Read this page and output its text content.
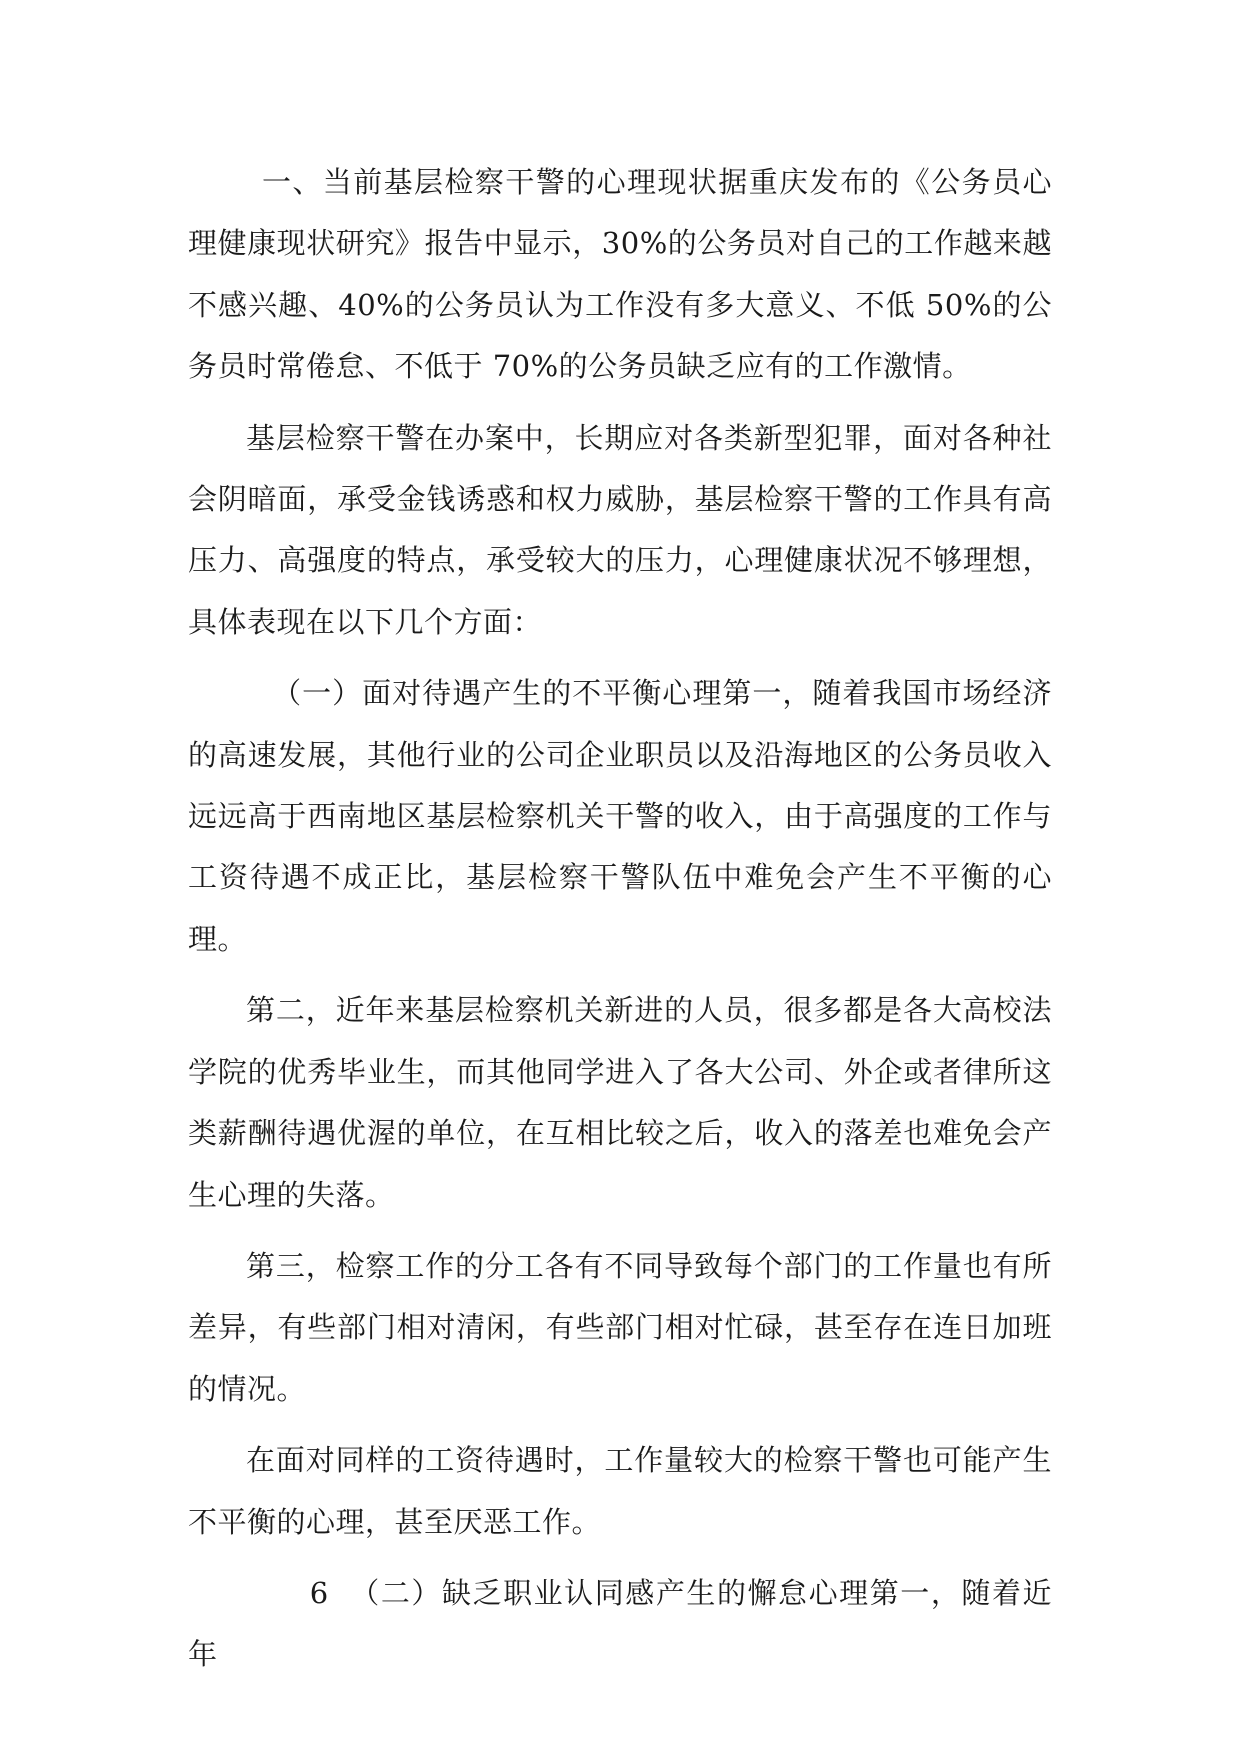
一、当前基层检察干警的心理现状据重庆发布的《公务员心理健康现状研究》报告中显示，30%的公务员对自己的工作越来越不感兴趣、40%的公务员认为工作没有多大意义、不低 50%的公务员时常倦怠、不低于 70%的公务员缺乏应有的工作激情。

基层检察干警在办案中，长期应对各类新型犯罪，面对各种社会阴暗面，承受金钱诱惑和权力威胁，基层检察干警的工作具有高压力、高强度的特点，承受较大的压力，心理健康状况不够理想，具体表现在以下几个方面：

（一）面对待遇产生的不平衡心理第一，随着我国市场经济的高速发展，其他行业的公司企业职员以及沿海地区的公务员收入远远高于西南地区基层检察机关干警的收入，由于高强度的工作与工资待遇不成正比，基层检察干警队伍中难免会产生不平衡的心理。

第二，近年来基层检察机关新进的人员，很多都是各大高校法学院的优秀毕业生，而其他同学进入了各大公司、外企或者律所这类薪酬待遇优渥的单位，在互相比较之后，收入的落差也难免会产生心理的失落。

第三，检察工作的分工各有不同导致每个部门的工作量也有所差异，有些部门相对清闲，有些部门相对忙碌，甚至存在连日加班的情况。

在面对同样的工资待遇时，工作量较大的检察干警也可能产生不平衡的心理，甚至厌恶工作。

6  （二）缺乏职业认同感产生的懈怠心理第一，随着近年
